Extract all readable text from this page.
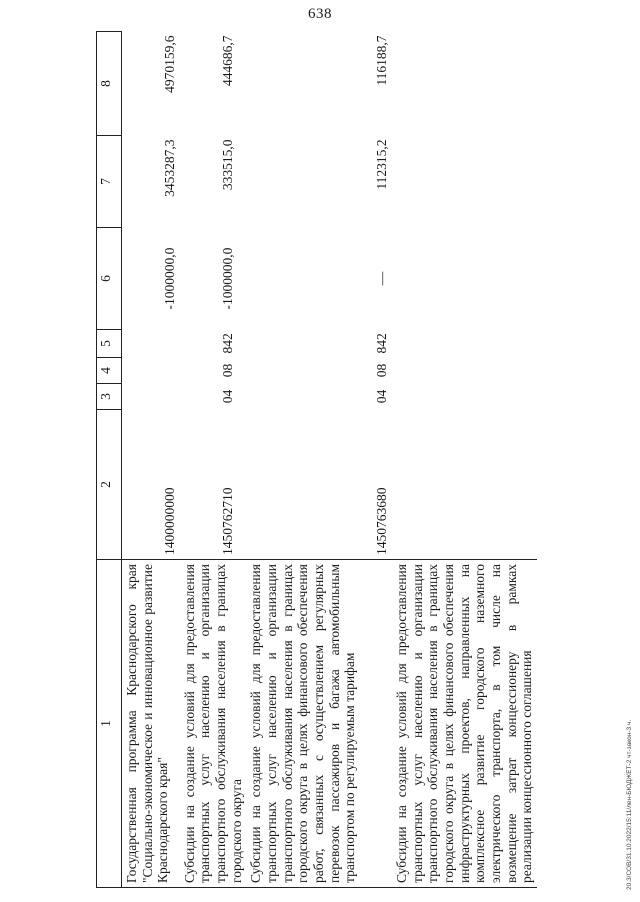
638
1	2	3	4	5	6	7	8
Государственная программа Краснодарского края "Социально-экономическое и инновационное развитие Краснодарского края"	1400000000				-1000000,0	3453287,3	4970159,6
Субсидии на создание условий для предоставления транспортных услуг населению и организации транспортного обслуживания населения в границах городского округа	1450762710	04	08	842	-1000000,0	333515,0	444686,7
Субсидии на создание условий для предоставления транспортных услуг населению и организации транспортного обслуживания населения в границах городского округа в целях финансового обеспечения работ, связанных с осуществлением регулярных перевозок пассажиров и багажа автомобильным транспортом по регулируемым тарифам	1450763680	04	08	842	—	112315,2	116188,7
Субсидии на создание условий для предоставления транспортных услуг населению и организации транспортного обслуживания населения в границах городского округа в целях финансового обеспечения инфраструктурных проектов, направленных на комплексное развитие городского наземного электрического транспорта, в том числе на возмещение затрат концессионеру в рамках реализации концессионного соглашения								20.3/СОВ/31.10.2022/15:11/лен-БЮДЖЕТ-2 чт-закон-3 ч.
